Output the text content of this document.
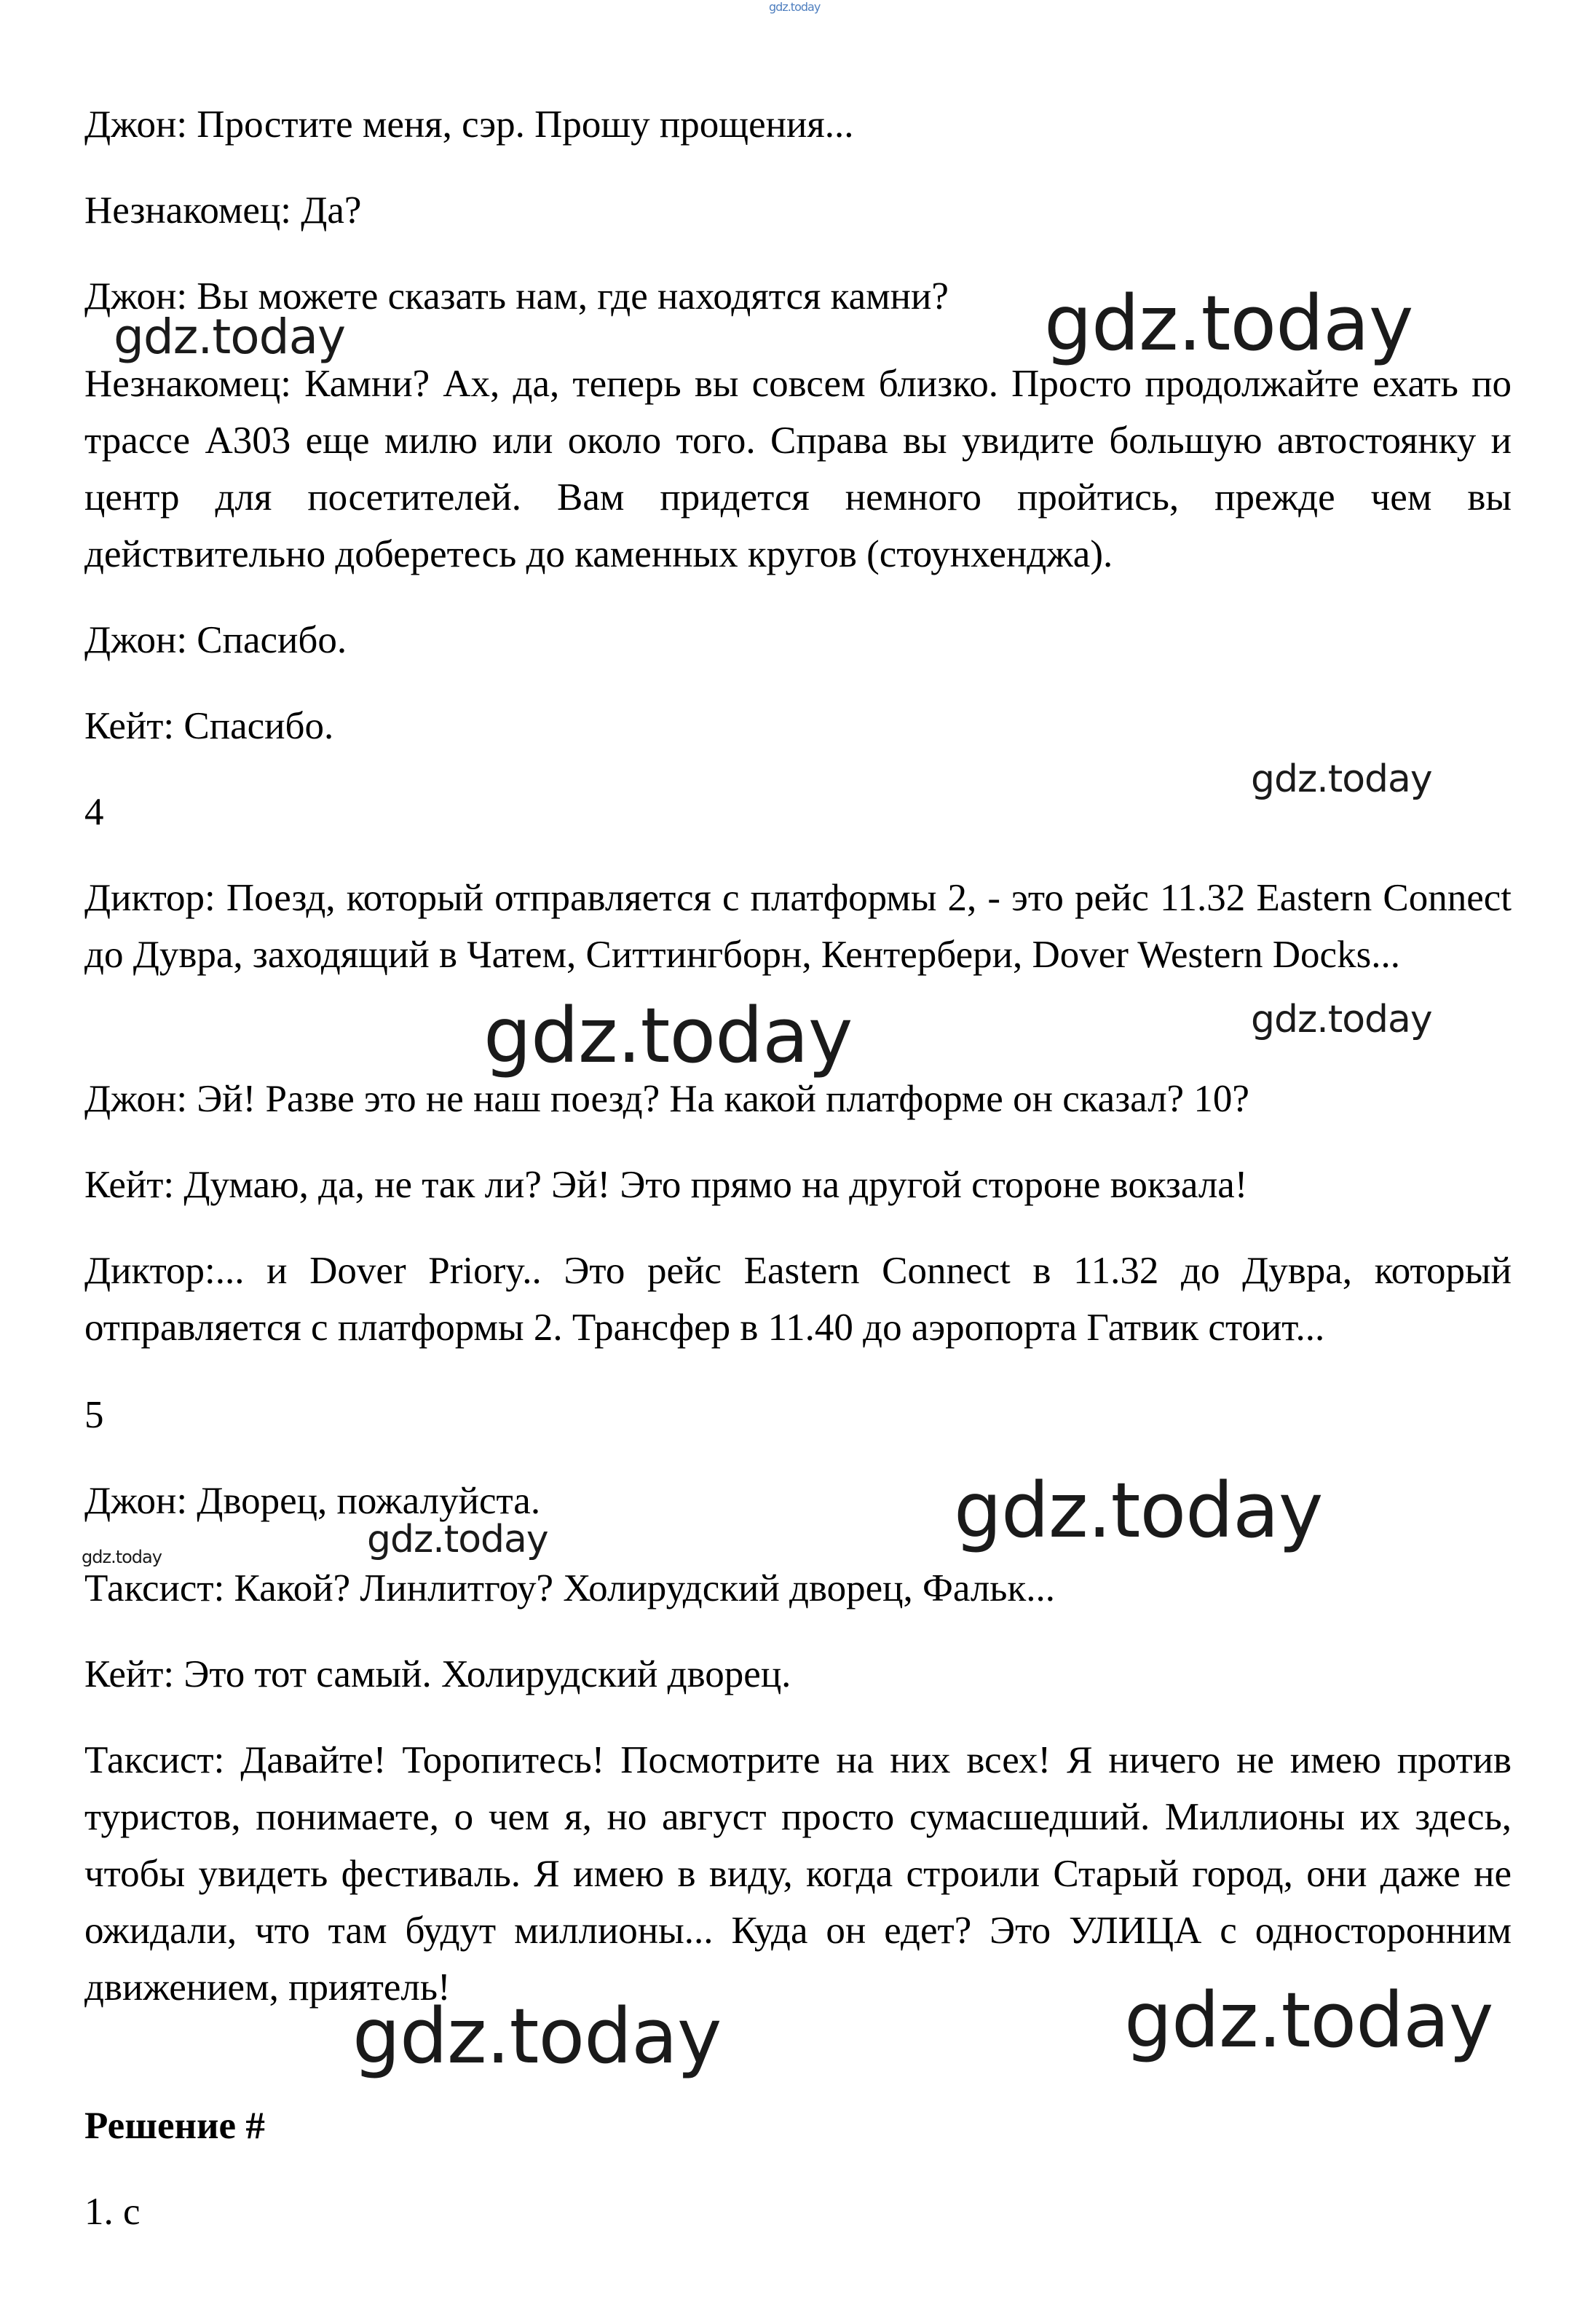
gdz.today

Джон: Простите меня, сэр. Прошу прощения...

Незнакомец: Да?

Джон: Вы можете сказать нам, где находятся камни?

Незнакомец: Камни? Ах, да, теперь вы совсем близко. Просто продолжайте ехать по трассе А303 еще милю или около того. Справа вы увидите большую автостоянку и центр для посетителей. Вам придется немного пройтись, прежде чем вы действительно доберетесь до каменных кругов (стоунхенджа).

Джон: Спасибо.

Кейт: Спасибо.

4

Диктор: Поезд, который отправляется с платформы 2, - это рейс 11.32 Eastern Connect до Дувра, заходящий в Чатем, Ситтингборн, Кентербери, Dover Western Docks...

Джон: Эй! Разве это не наш поезд? На какой платформе он сказал? 10?

Кейт: Думаю, да, не так ли? Эй! Это прямо на другой стороне вокзала!

Диктор:... и Dover Priory.. Это рейс Eastern Connect в 11.32 до Дувра, который отправляется с платформы 2. Трансфер в 11.40 до аэропорта Гатвик стоит...

5

Джон: Дворец, пожалуйста.

Таксист: Какой? Линлитгоу? Холирудский дворец, Фальк...

Кейт: Это тот самый. Холирудский дворец.

Таксист: Давайте! Торопитесь! Посмотрите на них всех! Я ничего не имею против туристов, понимаете, о чем я, но август просто сумасшедший. Миллионы их здесь, чтобы увидеть фестиваль. Я имею в виду, когда строили Старый город, они даже не ожидали, что там будут миллионы... Куда он едет? Это УЛИЦА с односторонним движением, приятель!

Решение #

1. c

gdz.today
gdz.today
gdz.today
gdz.today	gdz.today
gdz.today
gdz.today
gdz.today
gdz.today	gdz.today
